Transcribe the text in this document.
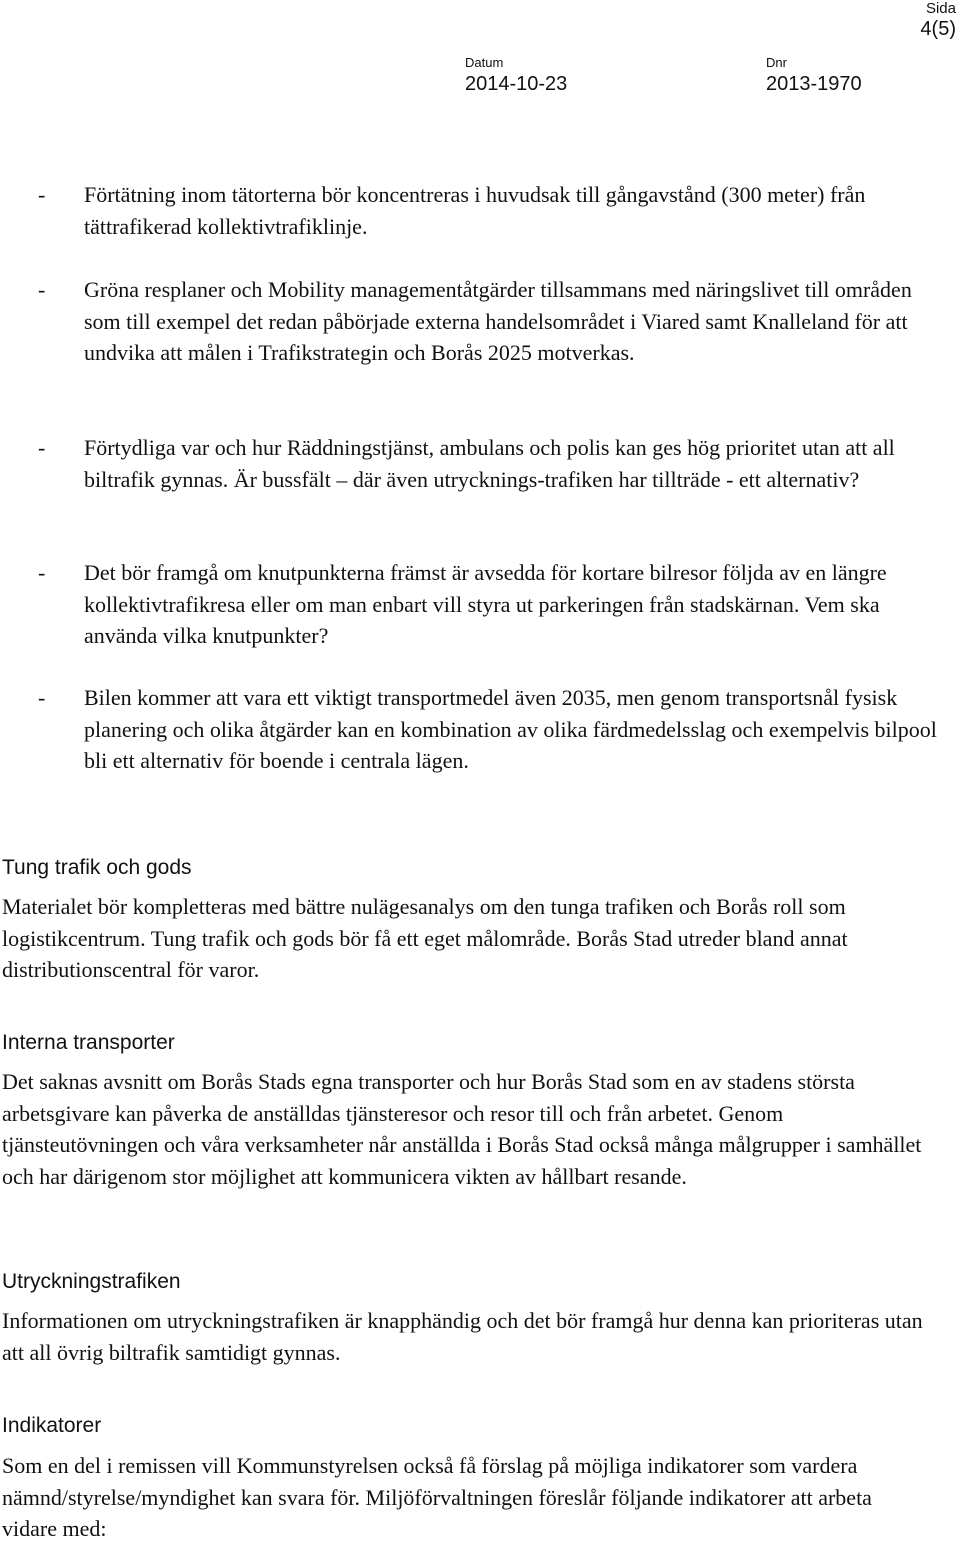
Sida
4(5)
Datum
2014-10-23
Dnr
2013-1970
- Förtätning inom tätorterna bör koncentreras i huvudsak till gångavstånd (300 meter) från tättrafikerad kollektivtrafiklinje.
- Gröna resplaner och Mobility managementåtgärder tillsammans med näringslivet till områden som till exempel det redan påbörjade externa handelsområdet i Viared samt Knalleland för att undvika att målen i Trafikstrategin och Borås 2025 motverkas.
- Förtydliga var och hur Räddningstjänst, ambulans och polis kan ges hög prioritet utan att all biltrafik gynnas. Är bussfält – där även utrycknings-trafiken har tillträde - ett alternativ?
- Det bör framgå om knutpunkterna främst är avsedda för kortare bilresor följda av en längre kollektivtrafikresa eller om man enbart vill styra ut parkeringen från stadskärnan. Vem ska använda vilka knutpunkter?
- Bilen kommer att vara ett viktigt transportmedel även 2035, men genom transportsnål fysisk planering och olika åtgärder kan en kombination av olika färdmedelsslag och exempelvis bilpool bli ett alternativ för boende i centrala lägen.
Tung trafik och gods
Materialet bör kompletteras med bättre nulägesanalys om den tunga trafiken och Borås roll som logistikcentrum. Tung trafik och gods bör få ett eget målområde. Borås Stad utreder bland annat distributionscentral för varor.
Interna transporter
Det saknas avsnitt om Borås Stads egna transporter och hur Borås Stad som en av stadens största arbetsgivare kan påverka de anställdas tjänsteresor och resor till och från arbetet. Genom tjänsteutövningen och våra verksamheter når anställda i Borås Stad också många målgrupper i samhället och har därigenom stor möjlighet att kommunicera vikten av hållbart resande.
Utryckningstrafiken
Informationen om utryckningstrafiken är knapphändig och det bör framgå hur denna kan prioriteras utan att all övrig biltrafik samtidigt gynnas.
Indikatorer
Som en del i remissen vill Kommunstyrelsen också få förslag på möjliga indikatorer som vardera nämnd/styrelse/myndighet kan svara för. Miljöförvaltningen föreslår följande indikatorer att arbeta vidare med:
